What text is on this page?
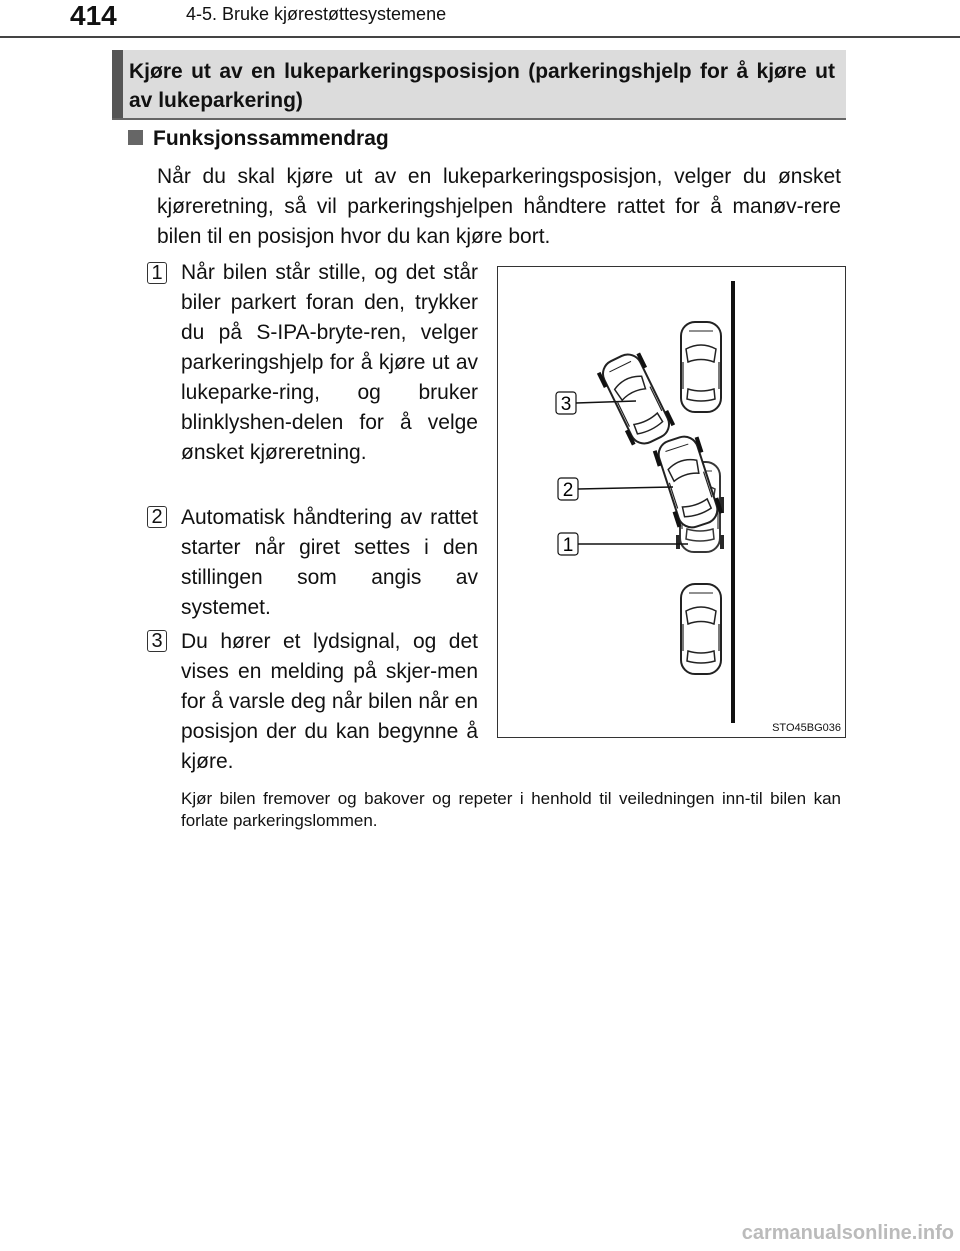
414	4-5. Bruke kjørestøttesystemene
Kjøre ut av en lukeparkeringsposisjon (parkeringshjelp for å kjøre ut av lukeparkering)
Funksjonssammendrag
Når du skal kjøre ut av en lukeparkeringsposisjon, velger du ønsket kjøreretning, så vil parkeringshjelpen håndtere rattet for å manøv-rere bilen til en posisjon hvor du kan kjøre bort.
1 Når bilen står stille, og det står biler parkert foran den, trykker du på S-IPA-bryte-ren, velger parkeringshjelp for å kjøre ut av lukeparke-ring, og bruker blinklyshen-delen for å velge ønsket kjøreretning.
2 Automatisk håndtering av rattet starter når giret settes i den stillingen som angis av systemet.
3 Du hører et lydsignal, og det vises en melding på skjer-men for å varsle deg når bilen når en posisjon der du kan begynne å kjøre.
Kjør bilen fremover og bakover og repeter i henhold til veiledningen inn-til bilen kan forlate parkeringslommen.
3
2
1
STO45BG036
carmanualsonline.info
